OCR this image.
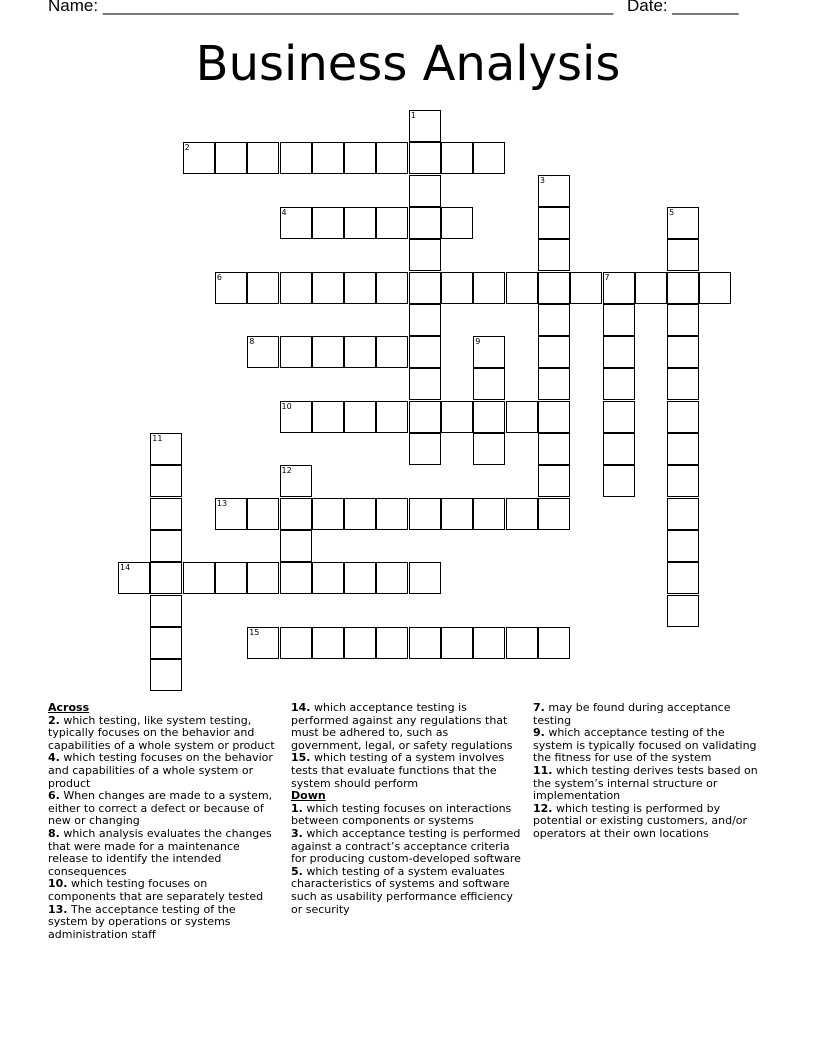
Name: ______________________________________________________ Date: _______
Business Analysis
2
4
6	7
8
10
13
14
15
1
3
5
9
11
12
Across
2. which testing, like system testing, typically focuses on the behavior and capabilities of a whole system or product
4. which testing focuses on the behavior and capabilities of a whole system or product
6. When changes are made to a system, either to correct a defect or because of new or changing
8. which analysis evaluates the changes that were made for a maintenance release to identify the intended consequences
10. which testing focuses on components that are separately tested
13. The acceptance testing of the system by operations or systems administration staff
14. which acceptance testing is performed against any regulations that must be adhered to, such as government, legal, or safety regulations
15. which testing of a system involves tests that evaluate functions that the system should perform
Down
1. which testing focuses on interactions between components or systems
3. which acceptance testing is performed against a contract’s acceptance criteria for producing custom-developed software
5. which testing of a system evaluates characteristics of systems and software such as usability performance efficiency or security
7. may be found during acceptance testing
9. which acceptance testing of the system is typically focused on validating the fitness for use of the system
11. which testing derives tests based on the system’s internal structure or implementation
12. which testing is performed by potential or existing customers, and/or operators at their own locations
